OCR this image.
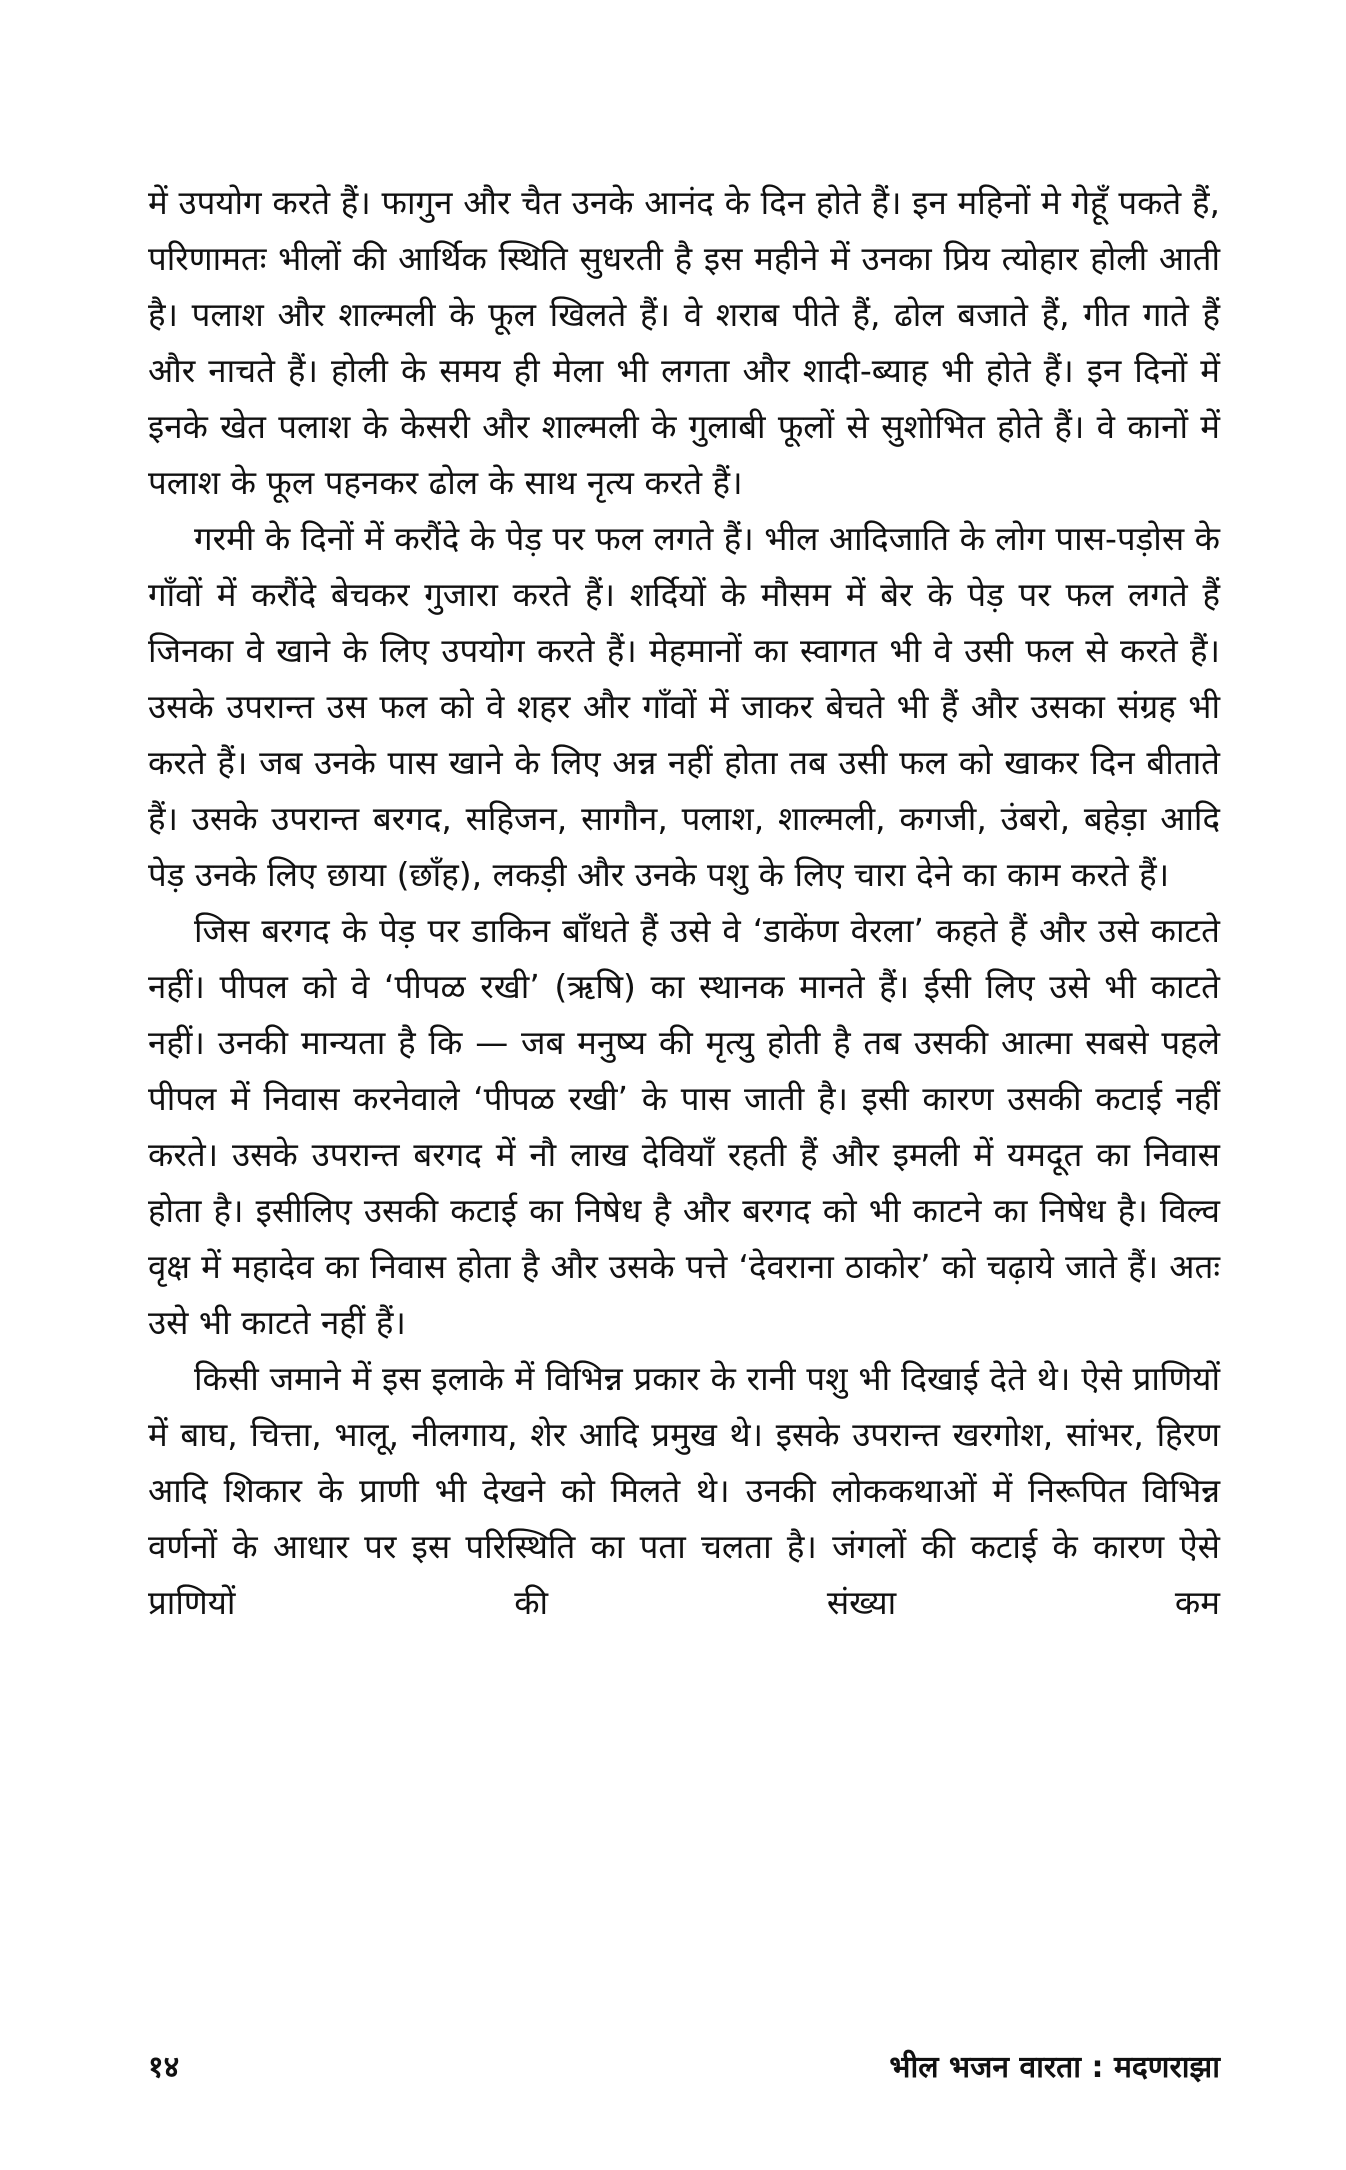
में उपयोग करते हैं। फागुन और चैत उनके आनंद के दिन होते हैं। इन महिनों मे गेहूँ पकते हैं, परिणामतः भीलों की आर्थिक स्थिति सुधरती है इस महीने में उनका प्रिय त्योहार होली आती है। पलाश और शाल्मली के फूल खिलते हैं। वे शराब पीते हैं, ढोल बजाते हैं, गीत गाते हैं और नाचते हैं। होली के समय ही मेला भी लगता और शादी-ब्याह भी होते हैं। इन दिनों में इनके खेत पलाश के केसरी और शाल्मली के गुलाबी फूलों से सुशोभित होते हैं। वे कानों में पलाश के फूल पहनकर ढोल के साथ नृत्य करते हैं।

गरमी के दिनों में करौंदे के पेड़ पर फल लगते हैं। भील आदिजाति के लोग पास-पड़ोस के गाँवों में करौंदे बेचकर गुजारा करते हैं। शर्दियों के मौसम में बेर के पेड़ पर फल लगते हैं जिनका वे खाने के लिए उपयोग करते हैं। मेहमानों का स्वागत भी वे उसी फल से करते हैं। उसके उपरान्त उस फल को वे शहर और गाँवों में जाकर बेचते भी हैं और उसका संग्रह भी करते हैं। जब उनके पास खाने के लिए अन्न नहीं होता तब उसी फल को खाकर दिन बीताते हैं। उसके उपरान्त बरगद, सहिजन, सागौन, पलाश, शाल्मली, कगजी, उंबरो, बहेड़ा आदि पेड़ उनके लिए छाया (छाँह), लकड़ी और उनके पशु के लिए चारा देने का काम करते हैं।

जिस बरगद के पेड़ पर डाकिन बाँधते हैं उसे वे ‘डाकेंण वेरला’ कहते हैं और उसे काटते नहीं। पीपल को वे ‘पीपळ रखी’ (ऋषि) का स्थानक मानते हैं। ईसी लिए उसे भी काटते नहीं। उनकी मान्यता है कि — जब मनुष्य की मृत्यु होती है तब उसकी आत्मा सबसे पहले पीपल में निवास करनेवाले ‘पीपळ रखी’ के पास जाती है। इसी कारण उसकी कटाई नहीं करते। उसके उपरान्त बरगद में नौ लाख देवियाँ रहती हैं और इमली में यमदूत का निवास होता है। इसीलिए उसकी कटाई का निषेध है और बरगद को भी काटने का निषेध है। विल्व वृक्ष में महादेव का निवास होता है और उसके पत्ते ‘देवराना ठाकोर’ को चढ़ाये जाते हैं। अतः उसे भी काटते नहीं हैं।

किसी जमाने में इस इलाके में विभिन्न प्रकार के रानी पशु भी दिखाई देते थे। ऐसे प्राणियों में बाघ, चित्ता, भालू, नीलगाय, शेर आदि प्रमुख थे। इसके उपरान्त खरगोश, सांभर, हिरण आदि शिकार के प्राणी भी देखने को मिलते थे। उनकी लोककथाओं में निरूपित विभिन्न वर्णनों के आधार पर इस परिस्थिति का पता चलता है। जंगलों की कटाई के कारण ऐसे प्राणियों की संख्या कम

१४	भील भजन वारता : मदणराझा
